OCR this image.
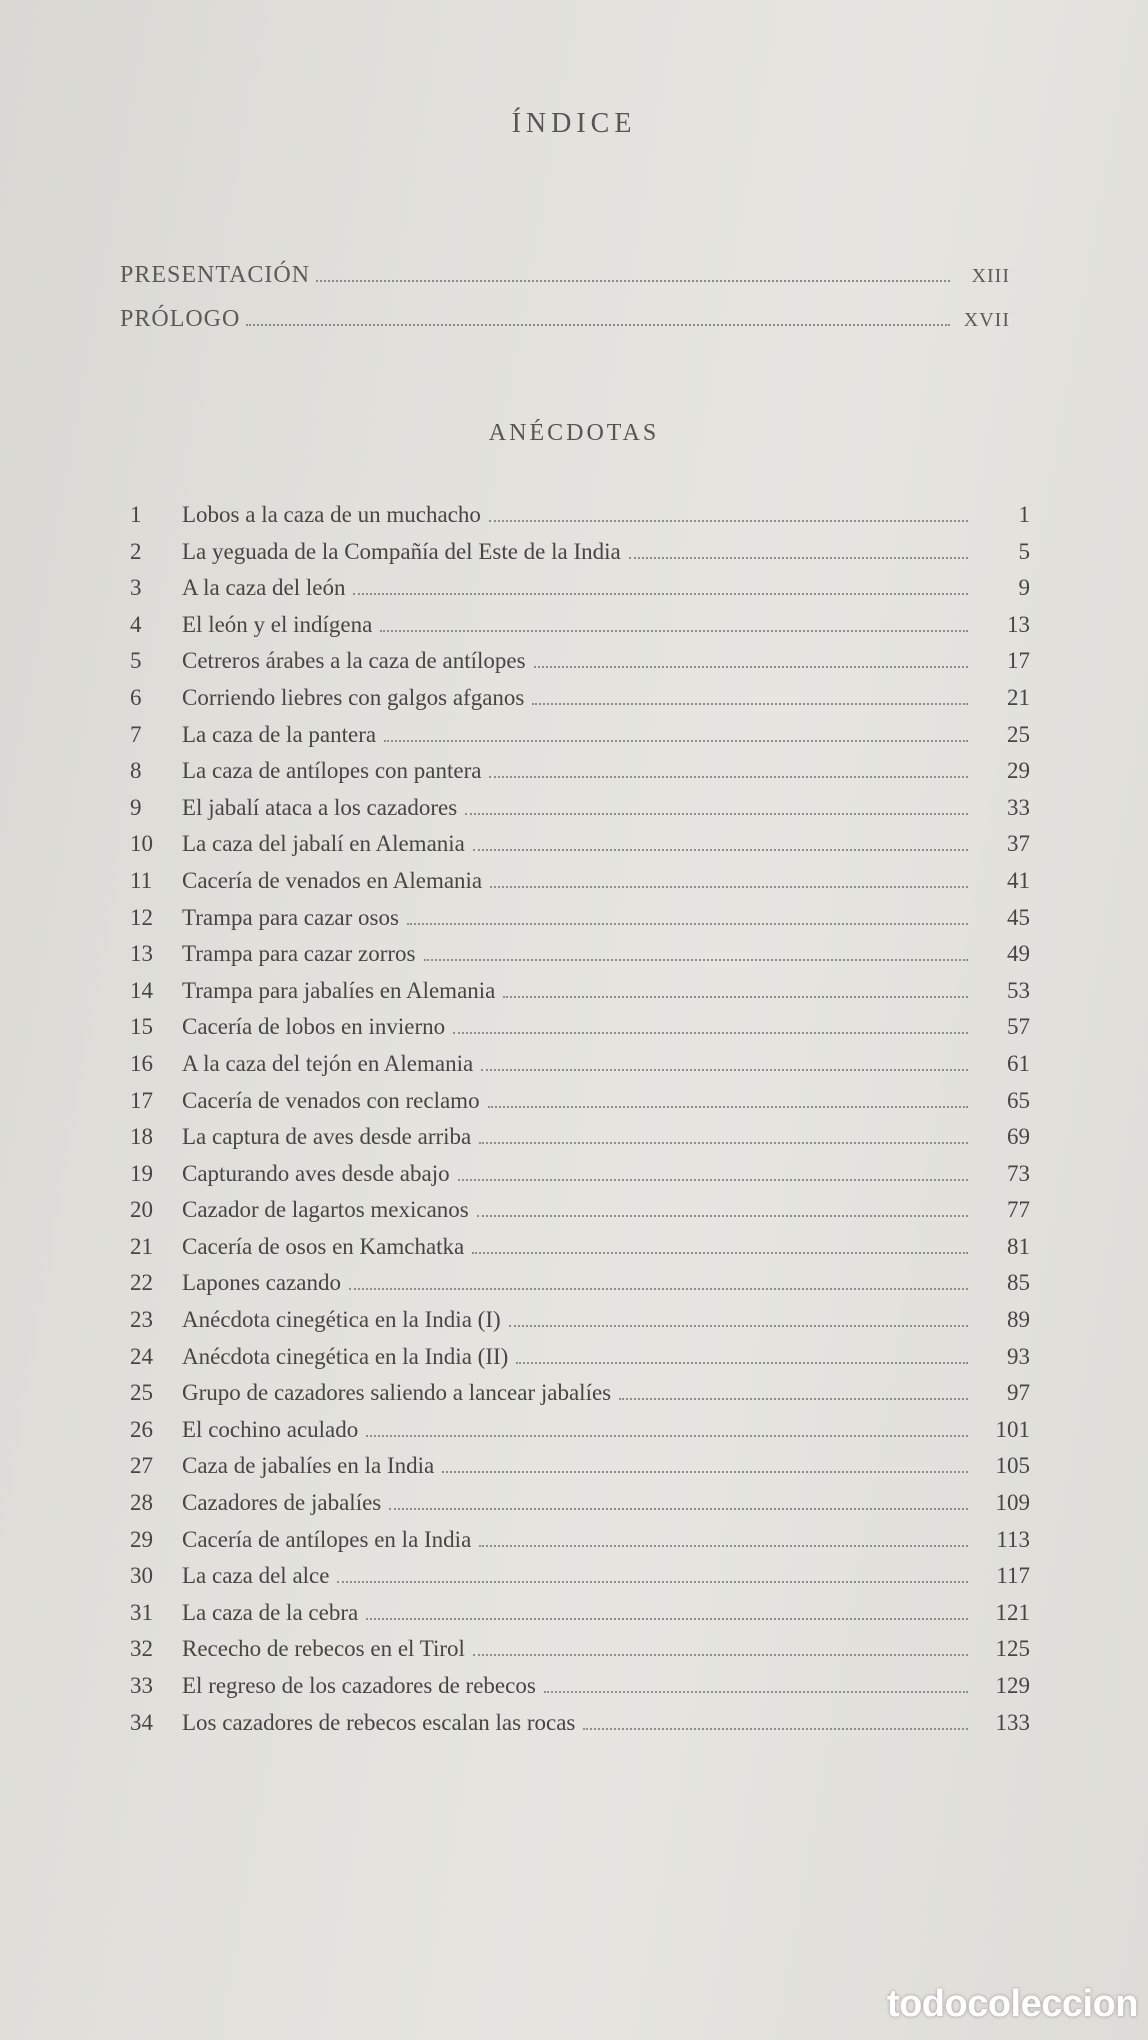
ÍNDICE
PRESENTACIÓN	XIII
PRÓLOGO	XVII
ANÉCDOTAS
1	Lobos a la caza de un muchacho	1
2	La yeguada de la Compañía del Este de la India	5
3	A la caza del león	9
4	El león y el indígena	13
5	Cetreros árabes a la caza de antílopes	17
6	Corriendo liebres con galgos afganos	21
7	La caza de la pantera	25
8	La caza de antílopes con pantera	29
9	El jabalí ataca a los cazadores	33
10	La caza del jabalí en Alemania	37
11	Cacería de venados en Alemania	41
12	Trampa para cazar osos	45
13	Trampa para cazar zorros	49
14	Trampa para jabalíes en Alemania	53
15	Cacería de lobos en invierno	57
16	A la caza del tejón en Alemania	61
17	Cacería de venados con reclamo	65
18	La captura de aves desde arriba	69
19	Capturando aves desde abajo	73
20	Cazador de lagartos mexicanos	77
21	Cacería de osos en Kamchatka	81
22	Lapones cazando	85
23	Anécdota cinegética en la India (I)	89
24	Anécdota cinegética en la India (II)	93
25	Grupo de cazadores saliendo a lancear jabalíes	97
26	El cochino aculado	101
27	Caza de jabalíes en la India	105
28	Cazadores de jabalíes	109
29	Cacería de antílopes en la India	113
30	La caza del alce	117
31	La caza de la cebra	121
32	Rececho de rebecos en el Tirol	125
33	El regreso de los cazadores de rebecos	129
34	Los cazadores de rebecos escalan las rocas	133
todocoleccion
